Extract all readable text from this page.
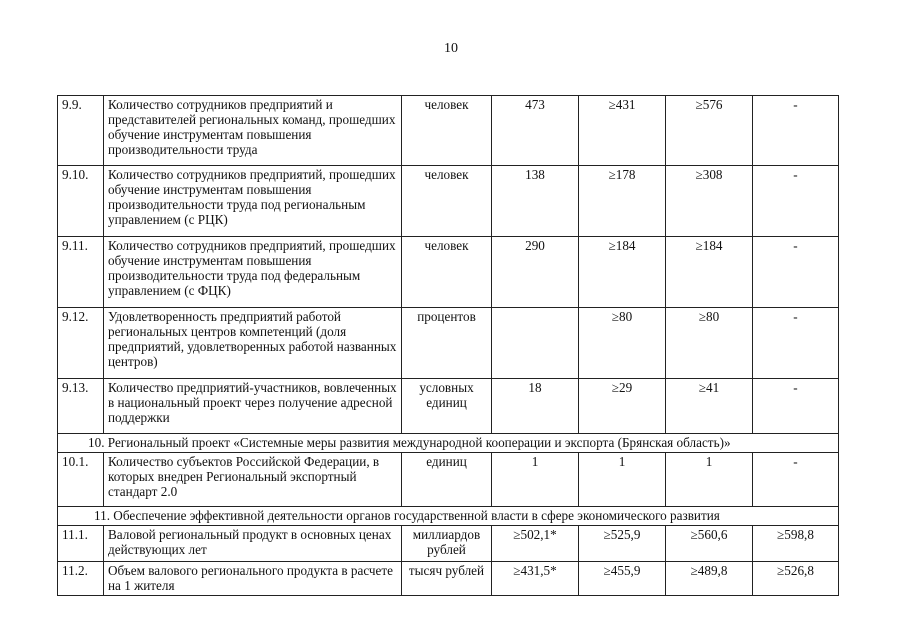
10
9.9.	Количество сотрудников предприятий и представителей региональных команд, прошедших обучение инструментам повышения производительности труда	человек	473	≥431	≥576	-
9.10.	Количество сотрудников предприятий, прошедших обучение инструментам повышения производительности труда под региональным управлением (с РЦК)	человек	138	≥178	≥308	-
9.11.	Количество сотрудников предприятий, прошедших обучение инструментам повышения производительности труда под федеральным управлением (с ФЦК)	человек	290	≥184	≥184	-
9.12.	Удовлетворенность предприятий работой региональных центров компетенций (доля предприятий, удовлетворенных работой названных центров)	процентов		≥80	≥80	-
9.13.	Количество предприятий-участников, вовлеченных в национальный проект через получение адресной поддержки	условных единиц	18	≥29	≥41	-
10. Региональный проект «Системные меры развития международной кооперации и экспорта (Брянская область)»						
10.1.	Количество субъектов Российской Федерации, в которых внедрен Региональный экспортный стандарт 2.0	единиц	1	1	1	-
11. Обеспечение эффективной деятельности органов государственной власти в сфере экономического развития						
11.1.	Валовой региональный продукт в основных ценах действующих лет	миллиардов рублей	≥502,1*	≥525,9	≥560,6	≥598,8
11.2.	Объем валового регионального продукта в расчете на 1 жителя	тысяч рублей	≥431,5*	≥455,9	≥489,8	≥526,8
